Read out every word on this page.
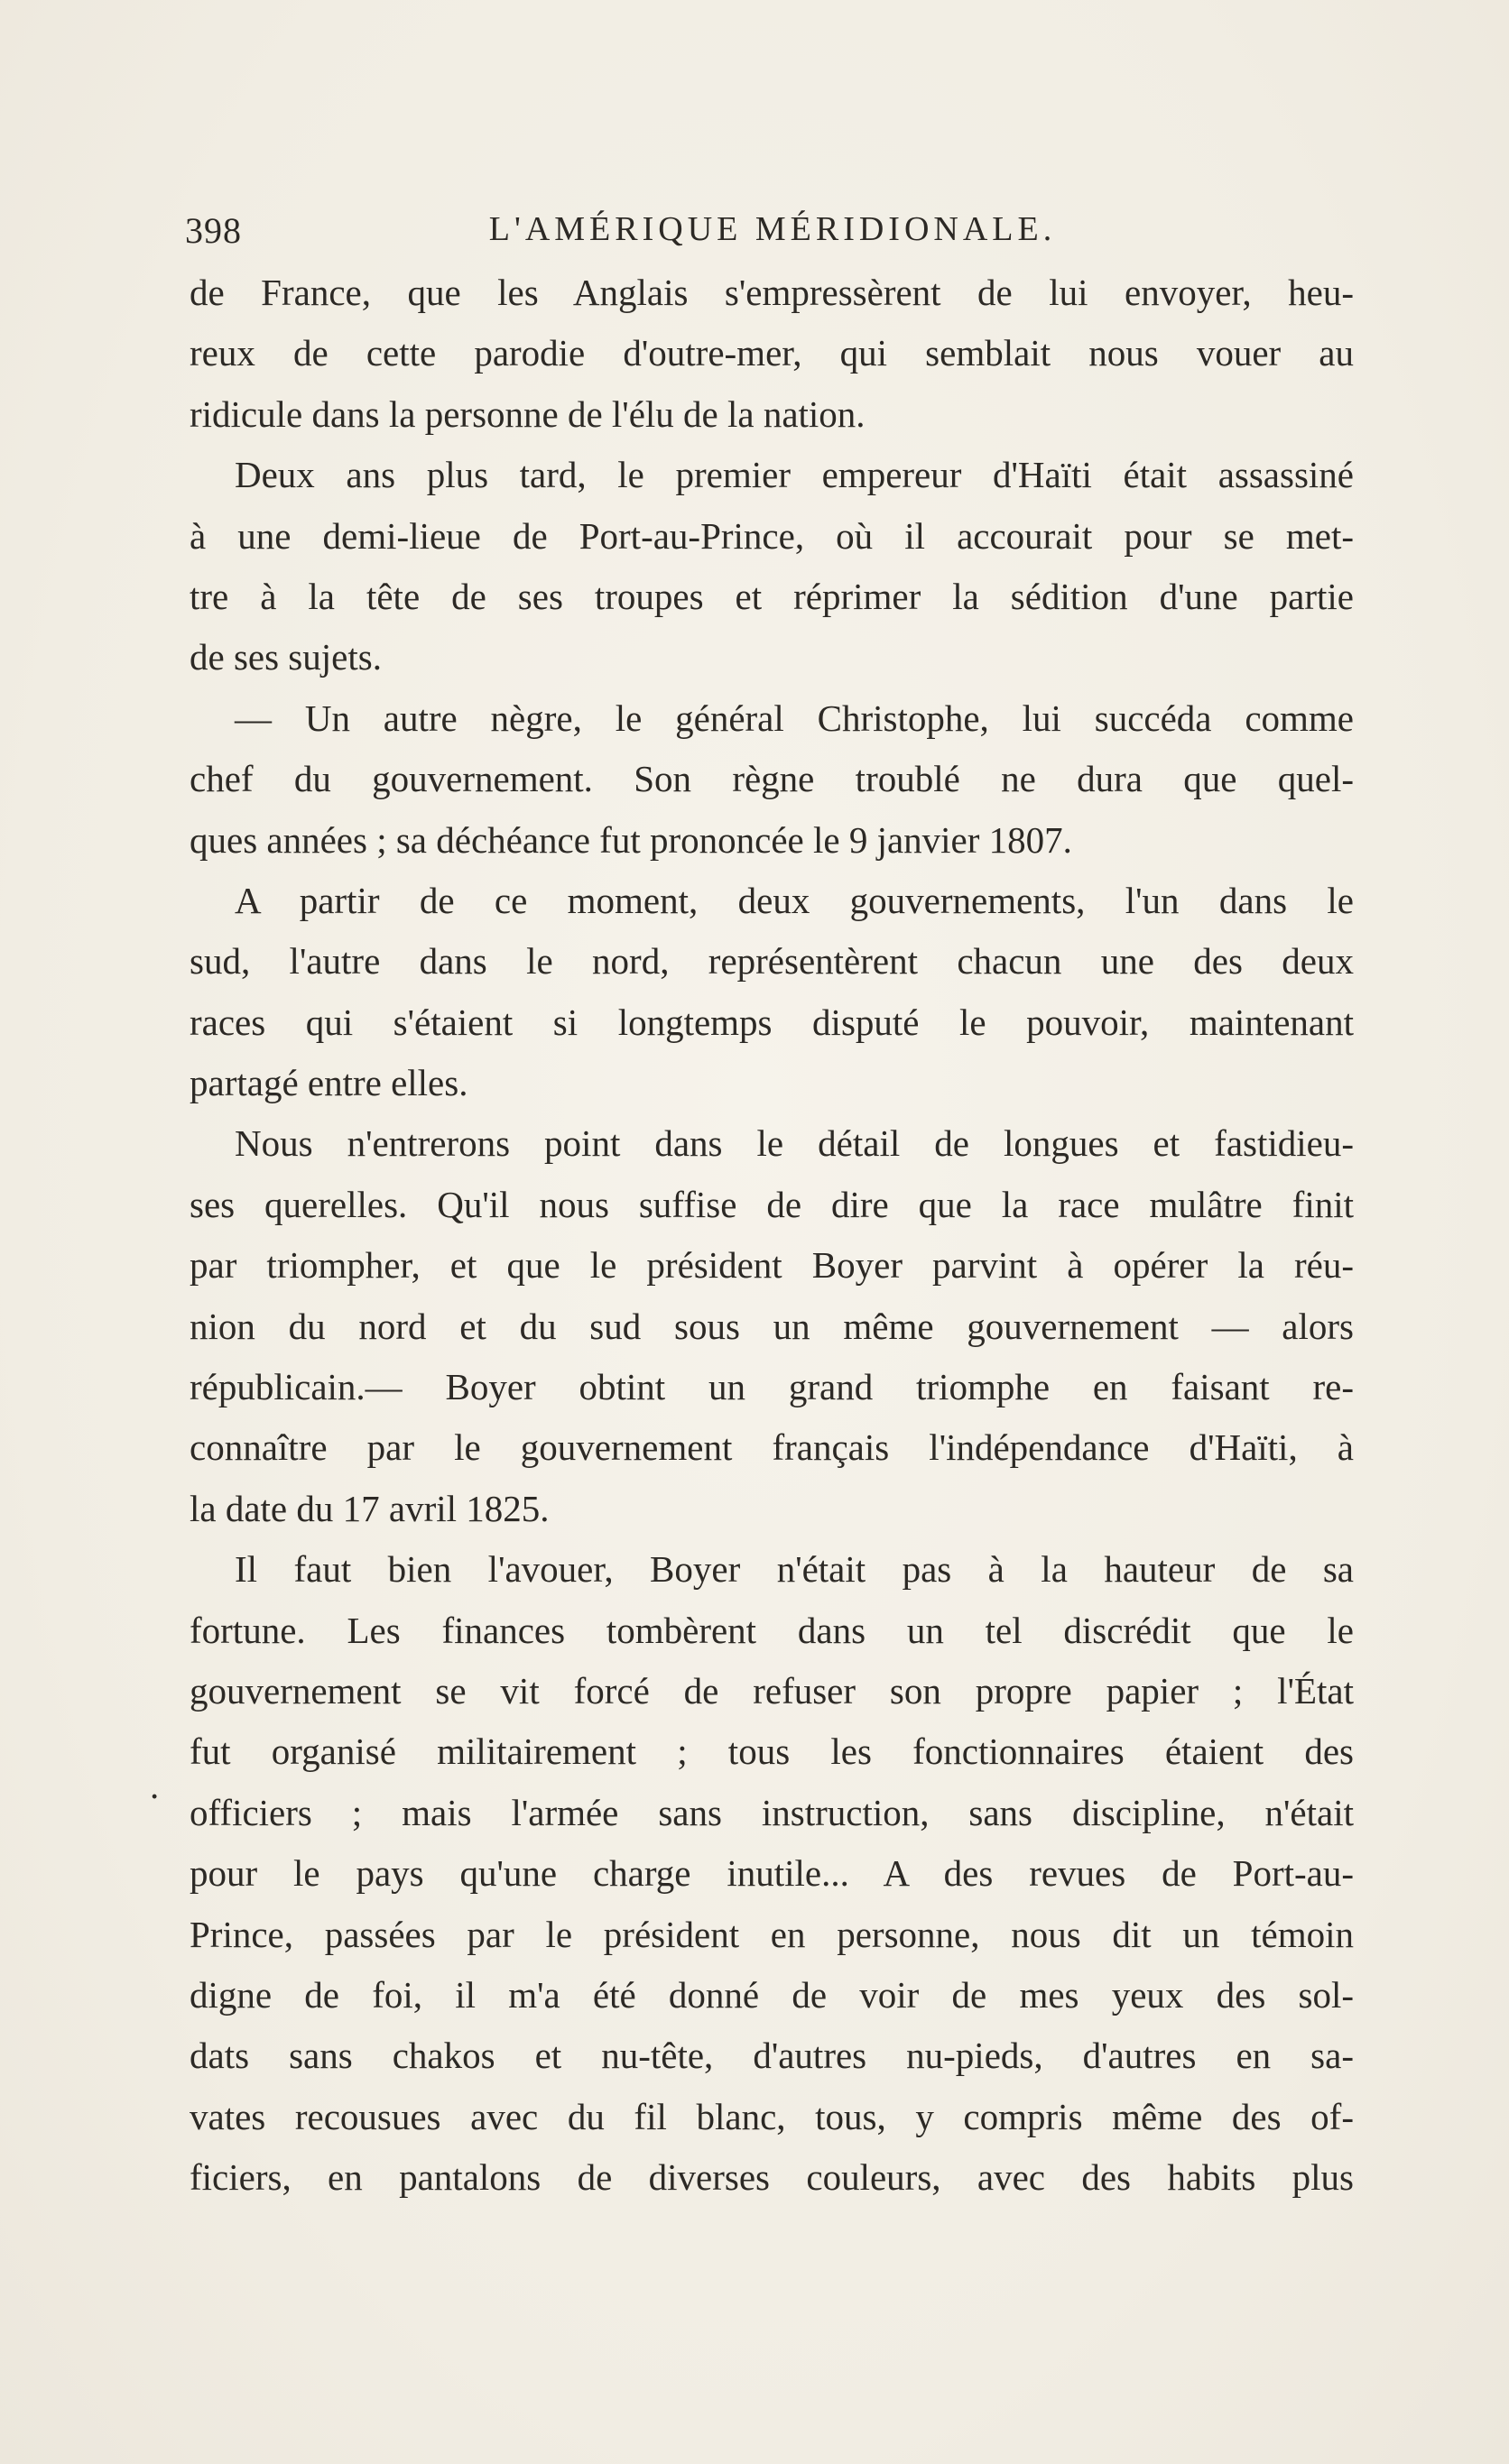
398	L'AMÉRIQUE MÉRIDIONALE.
.
de France, que les Anglais s'empressèrent de lui envoyer, heu-
reux de cette parodie d'outre-mer, qui semblait nous vouer au
ridicule dans la personne de l'élu de la nation.
Deux ans plus tard, le premier empereur d'Haïti était assassiné
à une demi-lieue de Port-au-Prince, où il accourait pour se met-
tre à la tête de ses troupes et réprimer la sédition d'une partie
de ses sujets.
— Un autre nègre, le général Christophe, lui succéda comme
chef du gouvernement. Son règne troublé ne dura que quel-
ques années ; sa déchéance fut prononcée le 9 janvier 1807.
A partir de ce moment, deux gouvernements, l'un dans le
sud, l'autre dans le nord, représentèrent chacun une des deux
races qui s'étaient si longtemps disputé le pouvoir, maintenant
partagé entre elles.
Nous n'entrerons point dans le détail de longues et fastidieu-
ses querelles. Qu'il nous suffise de dire que la race mulâtre finit
par triompher, et que le président Boyer parvint à opérer la réu-
nion du nord et du sud sous un même gouvernement — alors
républicain.— Boyer obtint un grand triomphe en faisant re-
connaître par le gouvernement français l'indépendance d'Haïti, à
la date du 17 avril 1825.
Il faut bien l'avouer, Boyer n'était pas à la hauteur de sa
fortune. Les finances tombèrent dans un tel discrédit que le
gouvernement se vit forcé de refuser son propre papier ; l'État
fut organisé militairement ; tous les fonctionnaires étaient des
officiers ; mais l'armée sans instruction, sans discipline, n'était
pour le pays qu'une charge inutile... A des revues de Port-au-
Prince, passées par le président en personne, nous dit un témoin
digne de foi, il m'a été donné de voir de mes yeux des sol-
dats sans chakos et nu-tête, d'autres nu-pieds, d'autres en sa-
vates recousues avec du fil blanc, tous, y compris même des of-
ficiers, en pantalons de diverses couleurs, avec des habits plus
